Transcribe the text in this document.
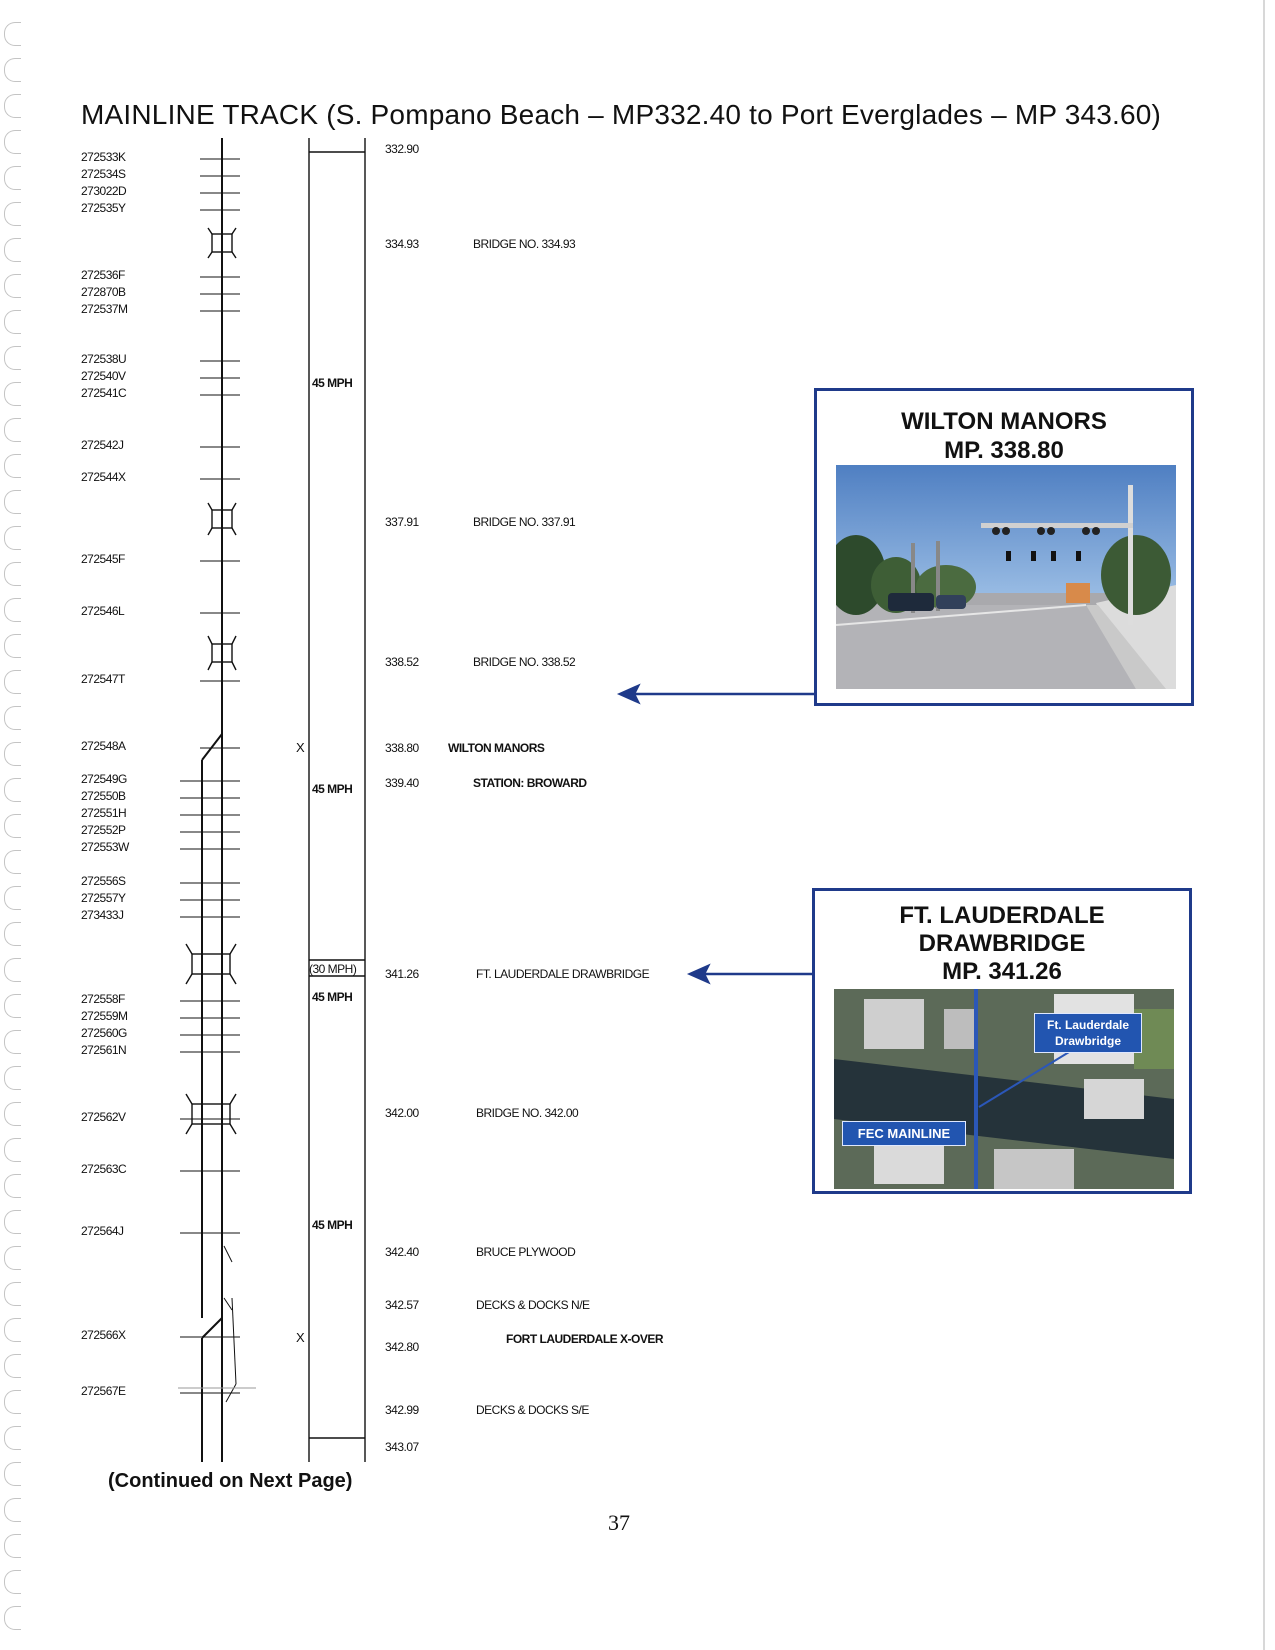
MAINLINE TRACK (S. Pompano Beach – MP332.40 to Port Everglades – MP 343.60)
272533K
272534S
273022D
272535Y
272536F
272870B
272537M
272538U
272540V
272541C
272542J
272544X
272545F
272546L
272547T
272548A
272549G
272550B
272551H
272552P
272553W
272556S
272557Y
273433J
272558F
272559M
272560G
272561N
272562V
272563C
272564J
272566X
272567E
45 MPH
45 MPH
(30 MPH)
45 MPH
45 MPH
X
X
332.90
334.93	BRIDGE NO. 334.93
337.91	BRIDGE NO. 337.91
338.52	BRIDGE NO. 338.52
338.80 WILTON MANORS
339.40	STATION: BROWARD
341.26	FT. LAUDERDALE DRAWBRIDGE
342.00	BRIDGE NO. 342.00
342.40	BRUCE PLYWOOD
342.57	DECKS & DOCKS N/E
342.80
FORT LAUDERDALE X-OVER
342.99	DECKS & DOCKS S/E
343.07
WILTON MANORS
MP. 338.80
FT. LAUDERDALE
DRAWBRIDGE
MP. 341.26
Ft. Lauderdale Drawbridge
FEC MAINLINE
(Continued on Next Page)
37
